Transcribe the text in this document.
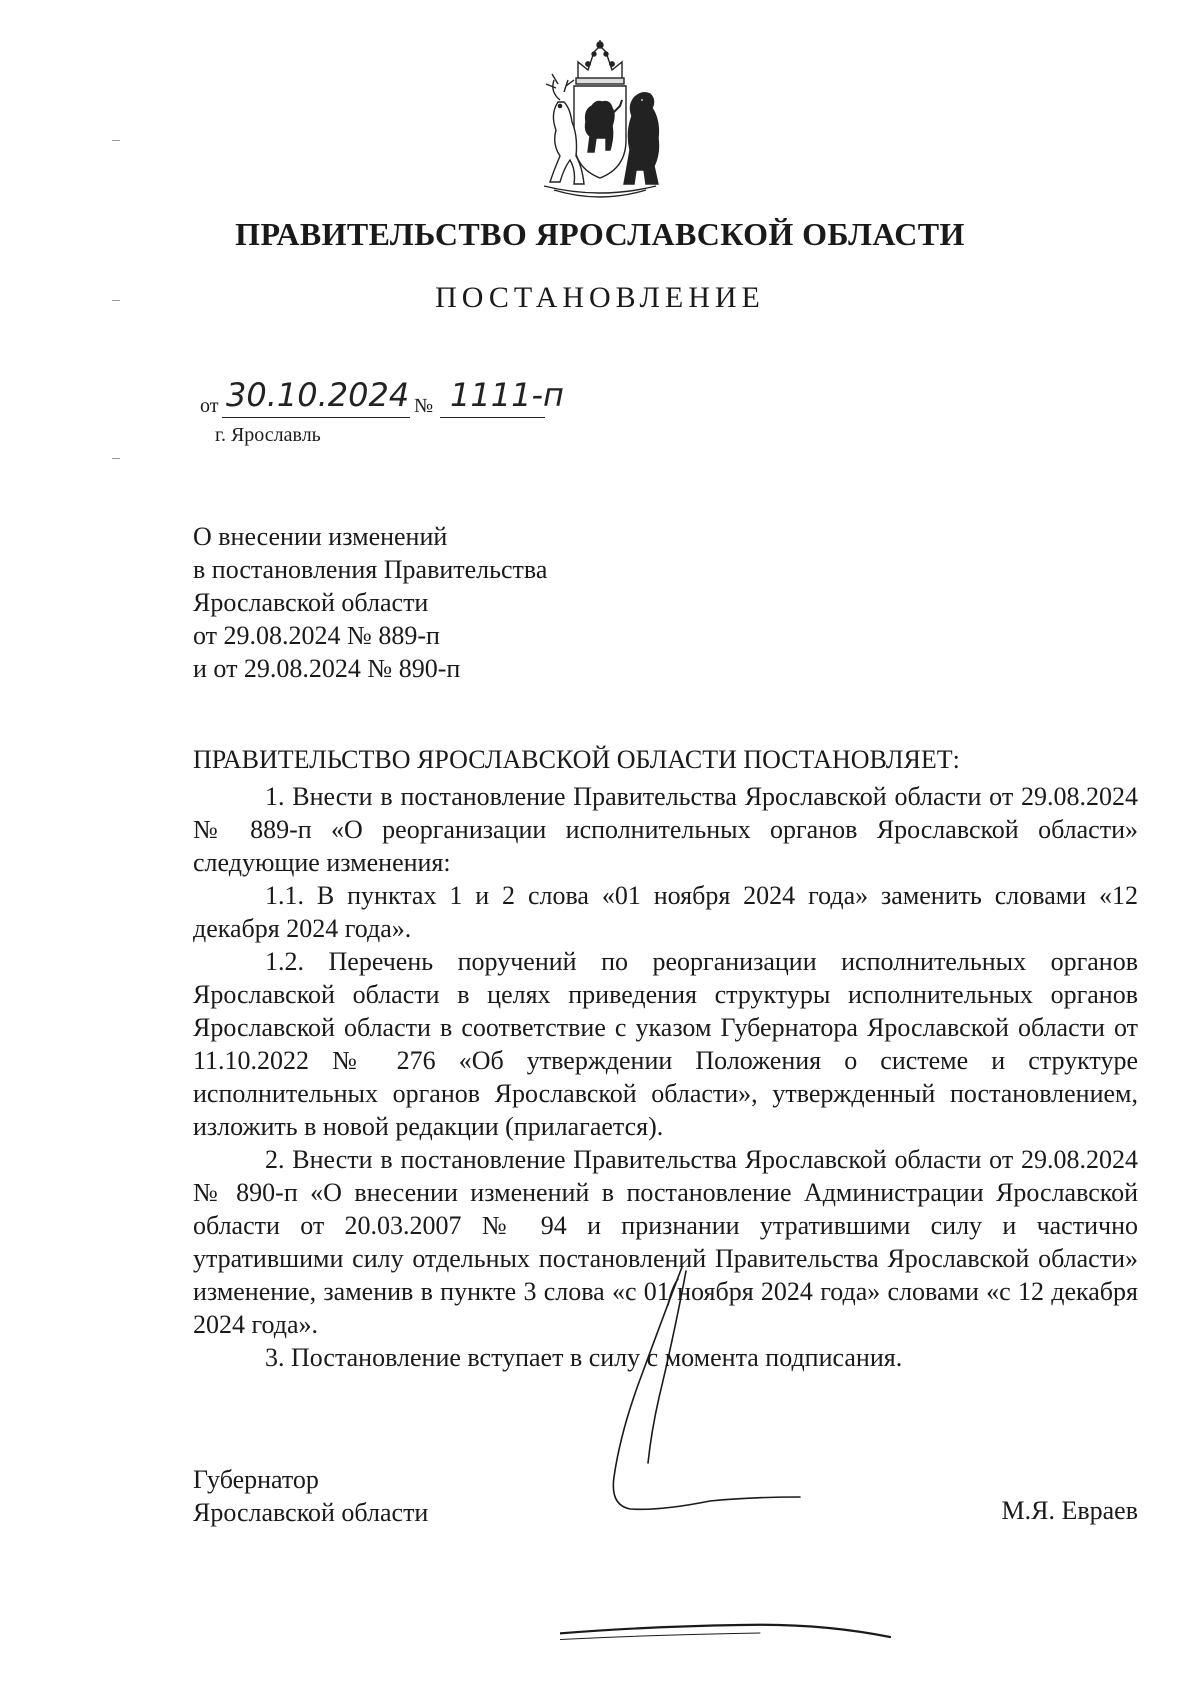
ПРАВИТЕЛЬСТВО ЯРОСЛАВСКОЙ ОБЛАСТИ
ПОСТАНОВЛЕНИЕ
от 30.10.2024 № 1111-п
г. Ярославль
О внесении изменений
в постановления Правительства
Ярославской области
от 29.08.2024 № 889-п
и от 29.08.2024 № 890-п
ПРАВИТЕЛЬСТВО ЯРОСЛАВСКОЙ ОБЛАСТИ ПОСТАНОВЛЯЕТ:

1. Внести в постановление Правительства Ярославской области от 29.08.2024 № 889-п «О реорганизации исполнительных органов Ярославской области» следующие изменения:

1.1. В пунктах 1 и 2 слова «01 ноября 2024 года» заменить словами «12 декабря 2024 года».

1.2. Перечень поручений по реорганизации исполнительных органов Ярославской области в целях приведения структуры исполнительных органов Ярославской области в соответствие с указом Губернатора Ярославской области от 11.10.2022 № 276 «Об утверждении Положения о системе и структуре исполнительных органов Ярославской области», утвержденный постановлением, изложить в новой редакции (прилагается).

2. Внести в постановление Правительства Ярославской области от 29.08.2024 № 890-п «О внесении изменений в постановление Администрации Ярославской области от 20.03.2007 № 94 и признании утратившими силу и частично утратившими силу отдельных постановлений Правительства Ярославской области» изменение, заменив в пункте 3 слова «с 01 ноября 2024 года» словами «с 12 декабря 2024 года».

3. Постановление вступает в силу с момента подписания.

Губернатор
Ярославской области	М.Я. Евраев
